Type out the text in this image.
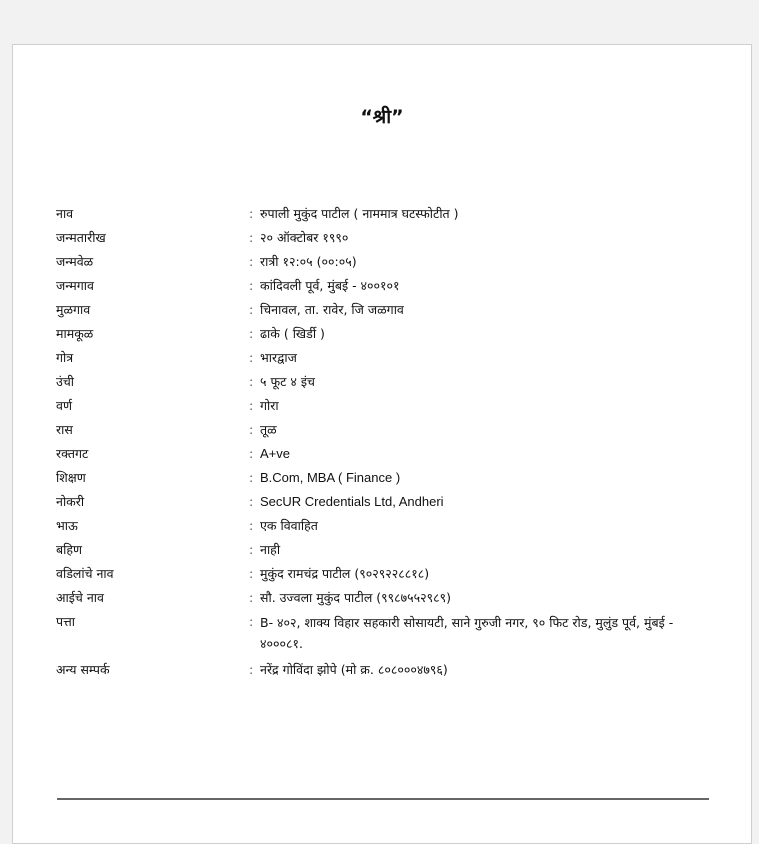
“श्री”
नाव	: रुपाली मुकुंद पाटील ( नाममात्र घटस्फोटीत )
जन्मतारीख	: २० ऑक्टोबर १९९०
जन्मवेळ	: रात्री १२:०५ (००:०५)
जन्मगाव	: कांदिवली पूर्व, मुंबई - ४००१०१
मुळगाव	: चिनावल, ता. रावेर, जि जळगाव
मामकूळ	: ढाके ( खिर्डी )
गोत्र	: भारद्वाज
उंची	: ५ फूट ४ इंच
वर्ण	: गोरा
रास	: तूळ
रक्तगट	: A+ve
शिक्षण	: B.Com, MBA ( Finance )
नोकरी	: SecUR Credentials Ltd, Andheri
भाऊ	: एक विवाहित
बहिण	: नाही
वडिलांचे नाव	: मुकुंद रामचंद्र पाटील (९०२९२२८८१८)
आईचे नाव	: सौ. उज्वला मुकुंद पाटील (९९८७५५२९८९)
पत्ता	: B- ४०२, शाक्य विहार सहकारी सोसायटी, साने गुरुजी नगर, ९० फिट रोड, मुलुंड पूर्व, मुंबई - ४०००८१.
अन्य सम्पर्क	: नरेंद्र गोविंदा झोपे (मो क्र. ८०८०००४७९६)
